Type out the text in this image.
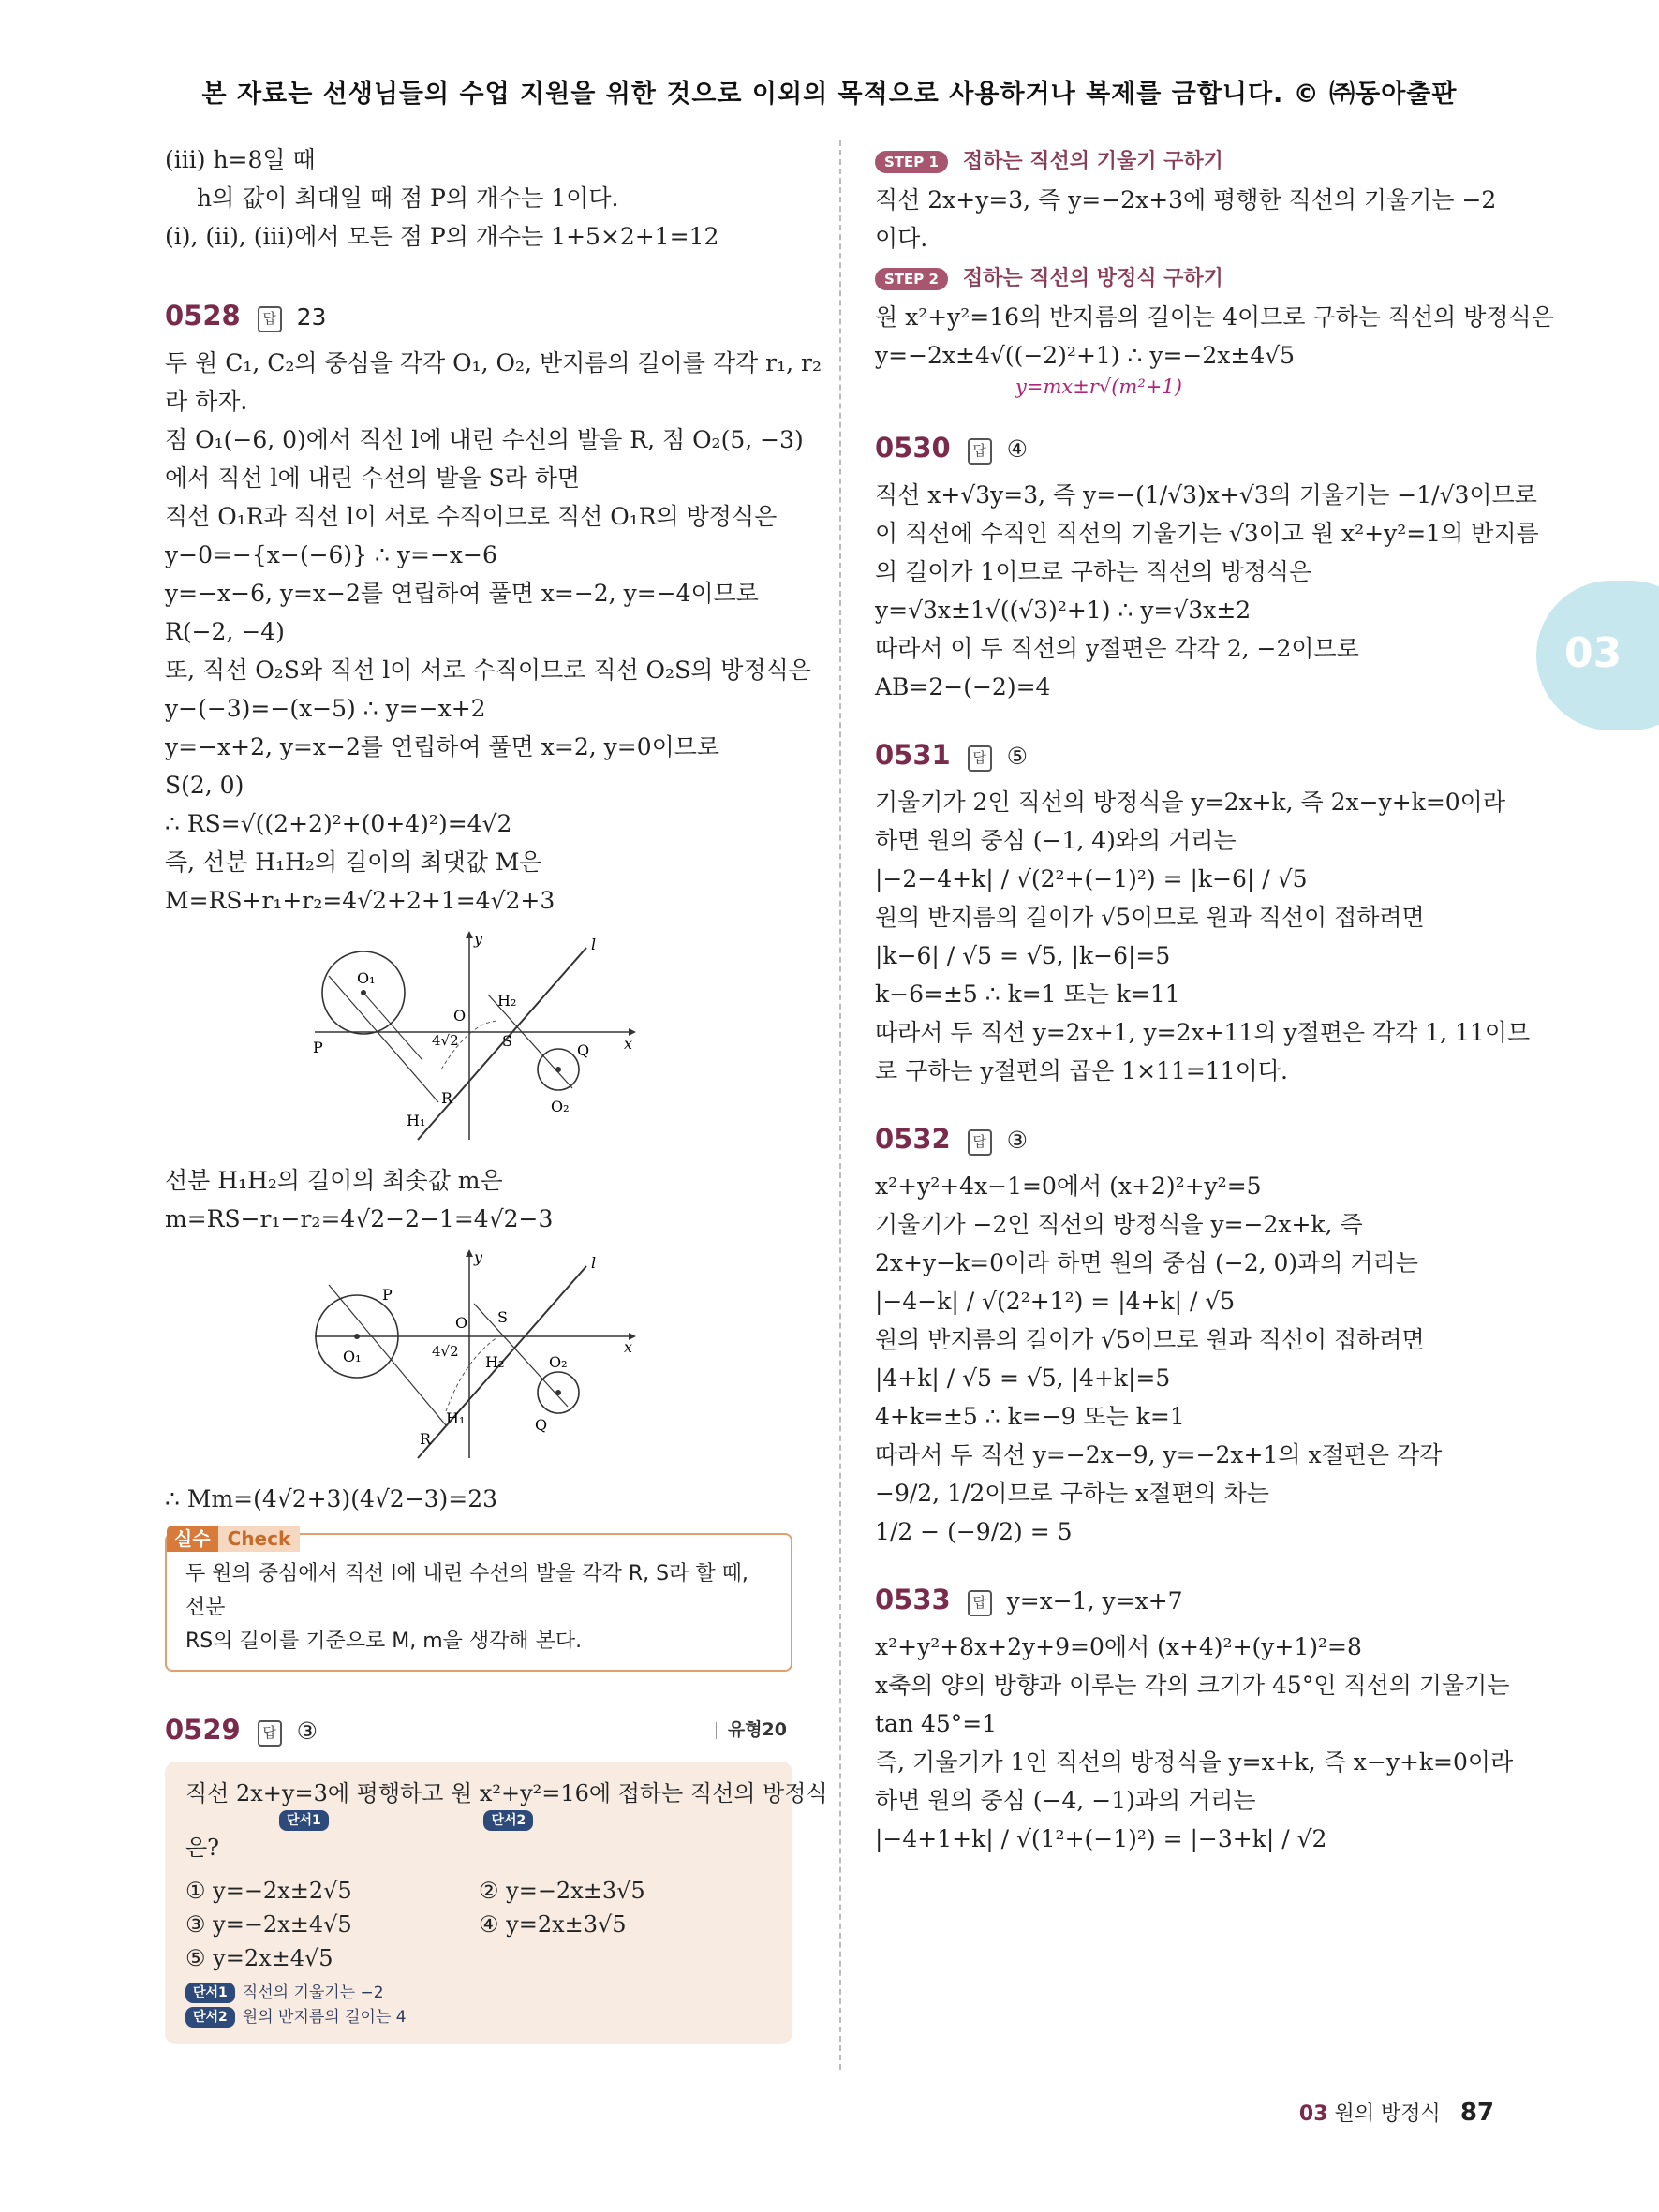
본 자료는 선생님들의 수업 지원을 위한 것으로 이외의 목적으로 사용하거나 복제를 금합니다. © ㈜동아출판
03
(ⅲ) h=8일 때
h의 값이 최대일 때 점 P의 개수는 1이다.
(ⅰ), (ⅱ), (ⅲ)에서 모든 점 P의 개수는 1+5×2+1=12
0528 답 23
두 원 C₁, C₂의 중심을 각각 O₁, O₂, 반지름의 길이를 각각 r₁, r₂
라 하자.
점 O₁(−6, 0)에서 직선 l에 내린 수선의 발을 R, 점 O₂(5, −3)
에서 직선 l에 내린 수선의 발을 S라 하면
직선 O₁R과 직선 l이 서로 수직이므로 직선 O₁R의 방정식은
y−0=−{x−(−6)} ∴ y=−x−6
y=−x−6, y=x−2를 연립하여 풀면 x=−2, y=−4이므로
R(−2, −4)
또, 직선 O₂S와 직선 l이 서로 수직이므로 직선 O₂S의 방정식은
y−(−3)=−(x−5) ∴ y=−x+2
y=−x+2, y=x−2를 연립하여 풀면 x=2, y=0이므로
S(2, 0)
∴ RS=√((2+2)²+(0+4)²)=4√2
즉, 선분 H₁H₂의 길이의 최댓값 M은
M=RS+r₁+r₂=4√2+2+1=4√2+3
P
O₁
O
H₂
S
4√2
R
H₁
Q
O₂
y
x
l
선분 H₁H₂의 길이의 최솟값 m은
m=RS−r₁−r₂=4√2−2−1=4√2−3
P
O₁
O S
4√2
H₂
H₁
R
O₂
Q
y
x
l
∴ Mm=(4√2+3)(4√2−3)=23
실수 Check
두 원의 중심에서 직선 l에 내린 수선의 발을 각각 R, S라 할 때, 선분
RS의 길이를 기준으로 M, m을 생각해 본다.
0529 답 ③	유형20
직선 2x+y=3에 평행하고 원 x²+y²=16에 접하는 직선의 방정식
단서1	단서2
은?
① y=−2x±2√5	② y=−2x±3√5
③ y=−2x±4√5	④ y=2x±3√5
⑤ y=2x±4√5
단서1 직선의 기울기는 −2
단서2 원의 반지름의 길이는 4
STEP 1 접하는 직선의 기울기 구하기
직선 2x+y=3, 즉 y=−2x+3에 평행한 직선의 기울기는 −2
이다.
STEP 2 접하는 직선의 방정식 구하기
원 x²+y²=16의 반지름의 길이는 4이므로 구하는 직선의 방정식은
y=−2x±4√((−2)²+1) ∴ y=−2x±4√5
y=mx±r√(m²+1)
0530 답 ④
직선 x+√3y=3, 즉 y=−(1/√3)x+√3의 기울기는 −1/√3이므로
이 직선에 수직인 직선의 기울기는 √3이고 원 x²+y²=1의 반지름
의 길이가 1이므로 구하는 직선의 방정식은
y=√3x±1√((√3)²+1) ∴ y=√3x±2
따라서 이 두 직선의 y절편은 각각 2, −2이므로
AB=2−(−2)=4
0531 답 ⑤
기울기가 2인 직선의 방정식을 y=2x+k, 즉 2x−y+k=0이라
하면 원의 중심 (−1, 4)와의 거리는
|−2−4+k| / √(2²+(−1)²) = |k−6| / √5
원의 반지름의 길이가 √5이므로 원과 직선이 접하려면
|k−6| / √5 = √5, |k−6|=5
k−6=±5 ∴ k=1 또는 k=11
따라서 두 직선 y=2x+1, y=2x+11의 y절편은 각각 1, 11이므
로 구하는 y절편의 곱은 1×11=11이다.
0532 답 ③
x²+y²+4x−1=0에서 (x+2)²+y²=5
기울기가 −2인 직선의 방정식을 y=−2x+k, 즉
2x+y−k=0이라 하면 원의 중심 (−2, 0)과의 거리는
|−4−k| / √(2²+1²) = |4+k| / √5
원의 반지름의 길이가 √5이므로 원과 직선이 접하려면
|4+k| / √5 = √5, |4+k|=5
4+k=±5 ∴ k=−9 또는 k=1
따라서 두 직선 y=−2x−9, y=−2x+1의 x절편은 각각
−9/2, 1/2이므로 구하는 x절편의 차는
1/2 − (−9/2) = 5
0533 답 y=x−1, y=x+7
x²+y²+8x+2y+9=0에서 (x+4)²+(y+1)²=8
x축의 양의 방향과 이루는 각의 크기가 45°인 직선의 기울기는
tan 45°=1
즉, 기울기가 1인 직선의 방정식을 y=x+k, 즉 x−y+k=0이라
하면 원의 중심 (−4, −1)과의 거리는
|−4+1+k| / √(1²+(−1)²) = |−3+k| / √2
03 원의 방정식 87
